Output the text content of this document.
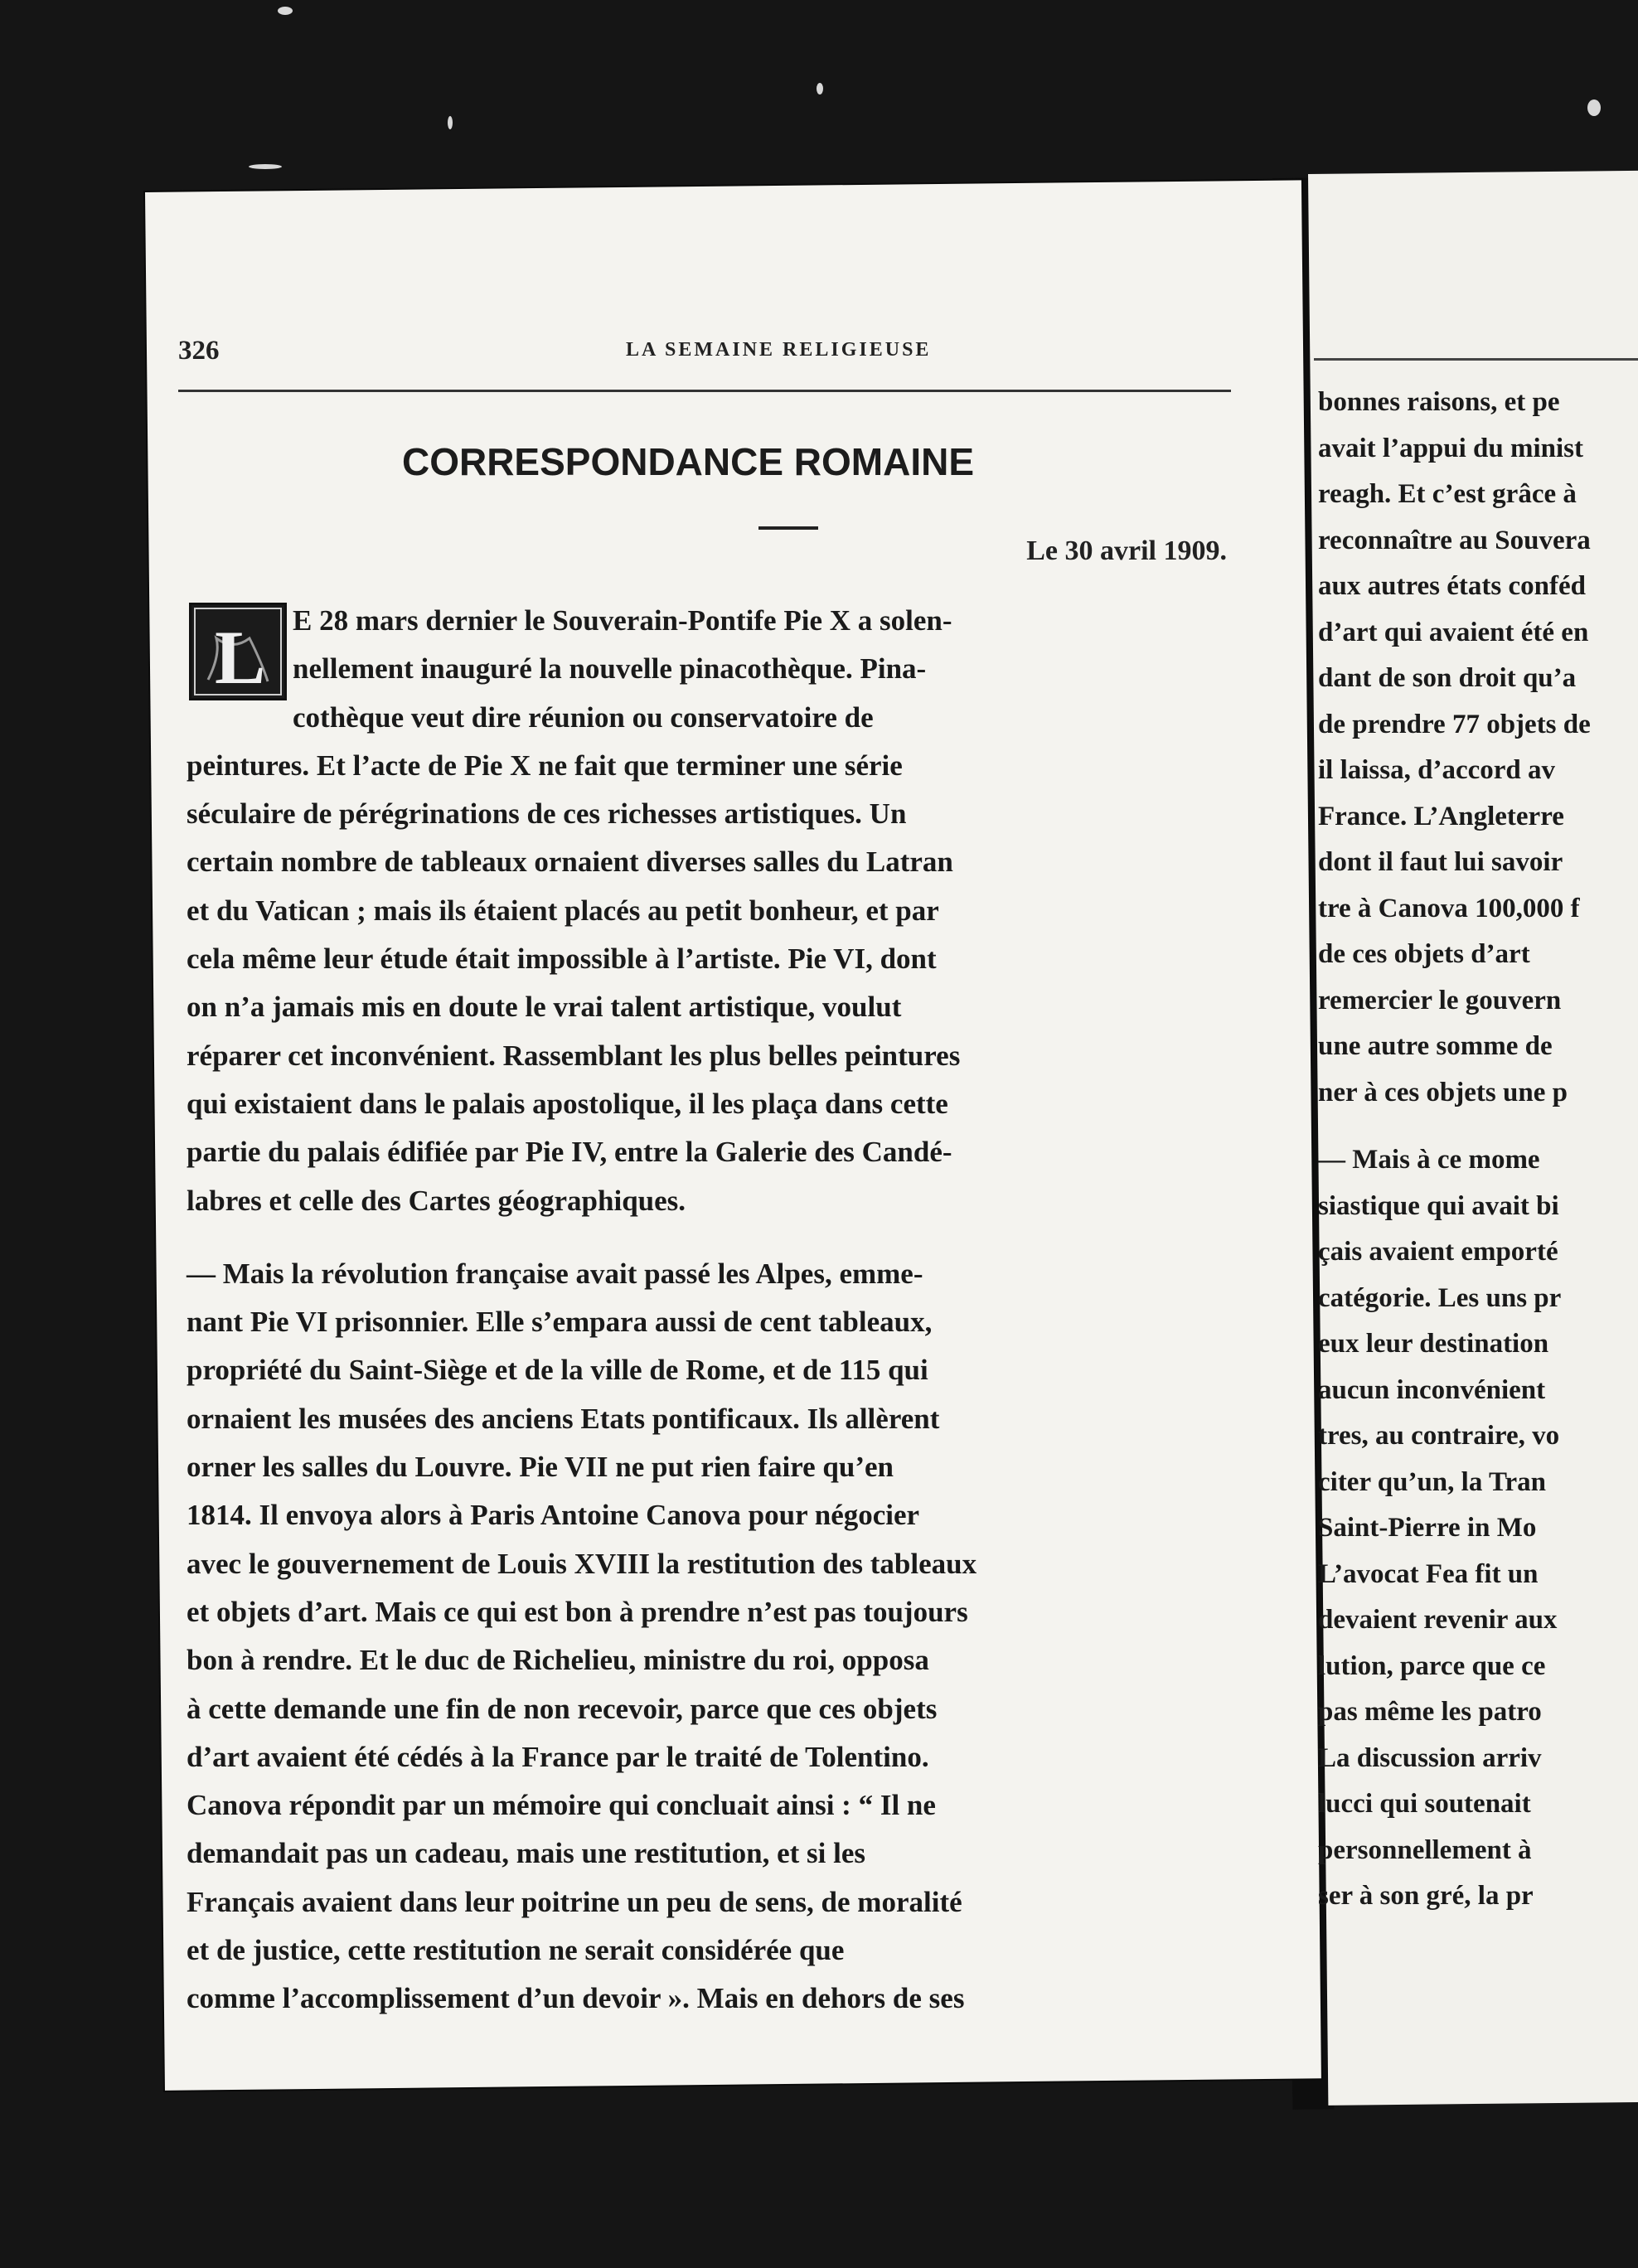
326	LA SEMAINE RELIGIEUSE
CORRESPONDANCE ROMAINE
Le 30 avril 1909.
E 28 mars dernier le Souverain-Pontife Pie X a solen-
nellement inauguré la nouvelle pinacothèque. Pina-
cothèque veut dire réunion ou conservatoire de
peintures. Et l’acte de Pie X ne fait que terminer une série
séculaire de pérégrinations de ces richesses artistiques. Un
certain nombre de tableaux ornaient diverses salles du Latran
et du Vatican ; mais ils étaient placés au petit bonheur, et par
cela même leur étude était impossible à l’artiste. Pie VI, dont
on n’a jamais mis en doute le vrai talent artistique, voulut
réparer cet inconvénient. Rassemblant les plus belles peintures
qui existaient dans le palais apostolique, il les plaça dans cette
partie du palais édifiée par Pie IV, entre la Galerie des Candé-
labres et celle des Cartes géographiques.
— Mais la révolution française avait passé les Alpes, emme-
nant Pie VI prisonnier. Elle s’empara aussi de cent tableaux,
propriété du Saint-Siège et de la ville de Rome, et de 115 qui
ornaient les musées des anciens Etats pontificaux. Ils allèrent
orner les salles du Louvre. Pie VII ne put rien faire qu’en
1814. Il envoya alors à Paris Antoine Canova pour négocier
avec le gouvernement de Louis XVIII la restitution des tableaux
et objets d’art. Mais ce qui est bon à prendre n’est pas toujours
bon à rendre. Et le duc de Richelieu, ministre du roi, opposa
à cette demande une fin de non recevoir, parce que ces objets
d’art avaient été cédés à la France par le traité de Tolentino.
Canova répondit par un mémoire qui concluait ainsi : “ Il ne
demandait pas un cadeau, mais une restitution, et si les
Français avaient dans leur poitrine un peu de sens, de moralité
et de justice, cette restitution ne serait considérée que
comme l’accomplissement d’un devoir ». Mais en dehors de ses
L
bonnes raisons, et pe
avait l’appui du minist
reagh. Et c’est grâce à
reconnaître au Souvera
aux autres états conféd
d’art qui avaient été en
dant de son droit qu’a
de prendre 77 objets de
il laissa, d’accord av
France. L’Angleterre
dont il faut lui savoir
tre à Canova 100,000 f
de ces objets d’art
remercier le gouvern
une autre somme de
ner à ces objets une p
— Mais à ce mome
siastique qui avait bi
çais avaient emporté
catégorie. Les uns pr
eux leur destination
aucun inconvénient
tres, au contraire, vo
citer qu’un, la Tran
Saint-Pierre in Mo
L’avocat Fea fit un
devaient revenir aux
lution, parce que ce
pas même les patro
La discussion arriv
lucci qui soutenait
personnellement à
ser à son gré, la pr
